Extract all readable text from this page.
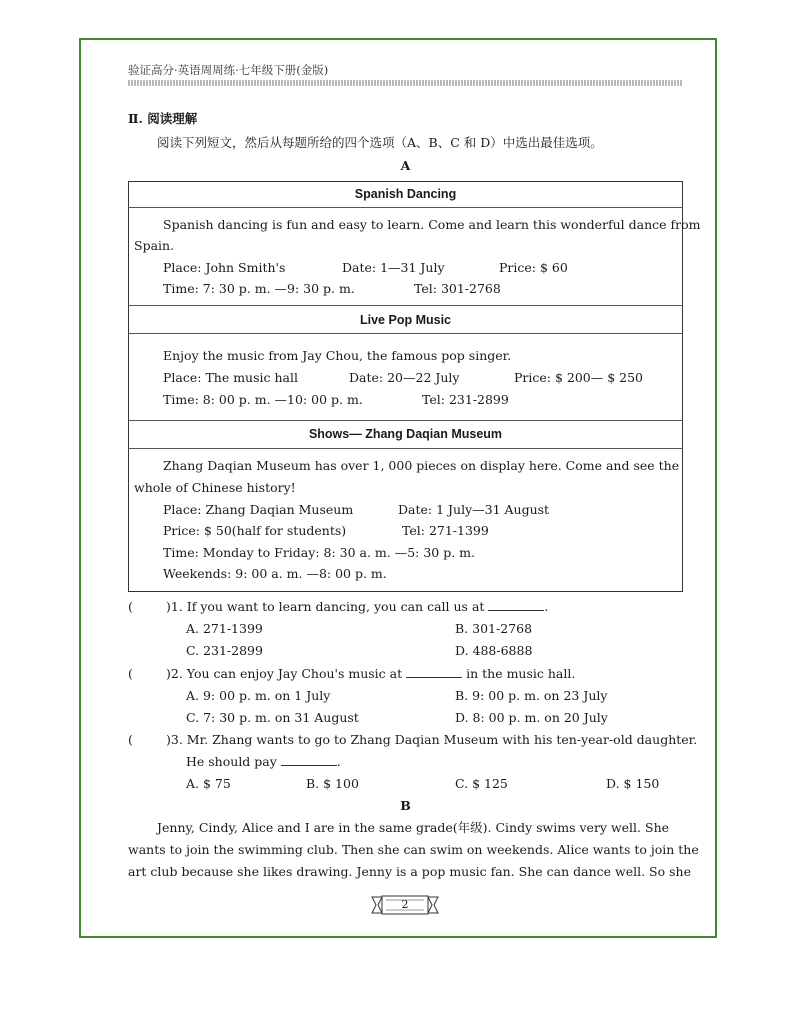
验证高分·英语周周练·七年级下册(金版)
Ⅱ. 阅读理解
阅读下列短文，然后从每题所给的四个选项（A、B、C 和 D）中选出最佳选项。
A
Spanish Dancing
Spanish dancing is fun and easy to learn. Come and learn this wonderful dance from
Spain.
Place: John Smith's	Date: 1—31 July	Price: $ 60
Time: 7: 30 p. m. —9: 30 p. m.	Tel: 301-2768
Live Pop Music
Enjoy the music from Jay Chou, the famous pop singer.
Place: The music hall	Date: 20—22 July	Price: $ 200— $ 250
Time: 8: 00 p. m. —10: 00 p. m.	Tel: 231-2899
Shows— Zhang Daqian Museum
Zhang Daqian Museum has over 1, 000 pieces on display here. Come and see the
whole of Chinese history!
Place: Zhang Daqian Museum	Date: 1 July—31 August
Price: $ 50(half for students)	Tel: 271-1399
Time: Monday to Friday: 8: 30 a. m. —5: 30 p. m.
Weekends: 9: 00 a. m. —8: 00 p. m.
(	)1. If you want to learn dancing, you can call us at	.
A. 271-1399	B. 301-2768
C. 231-2899	D. 488-6888
(	)2. You can enjoy Jay Chou's music at	in the music hall.
A. 9: 00 p. m. on 1 July	B. 9: 00 p. m. on 23 July
C. 7: 30 p. m. on 31 August	D. 8: 00 p. m. on 20 July
(	)3. Mr. Zhang wants to go to Zhang Daqian Museum with his ten-year-old daughter.
He should pay	.
A. $ 75	B. $ 100	C. $ 125	D. $ 150
B
Jenny, Cindy, Alice and I are in the same grade(年级). Cindy swims very well. She
wants to join the swimming club. Then she can swim on weekends. Alice wants to join the
art club because she likes drawing. Jenny is a pop music fan. She can dance well. So she
2
